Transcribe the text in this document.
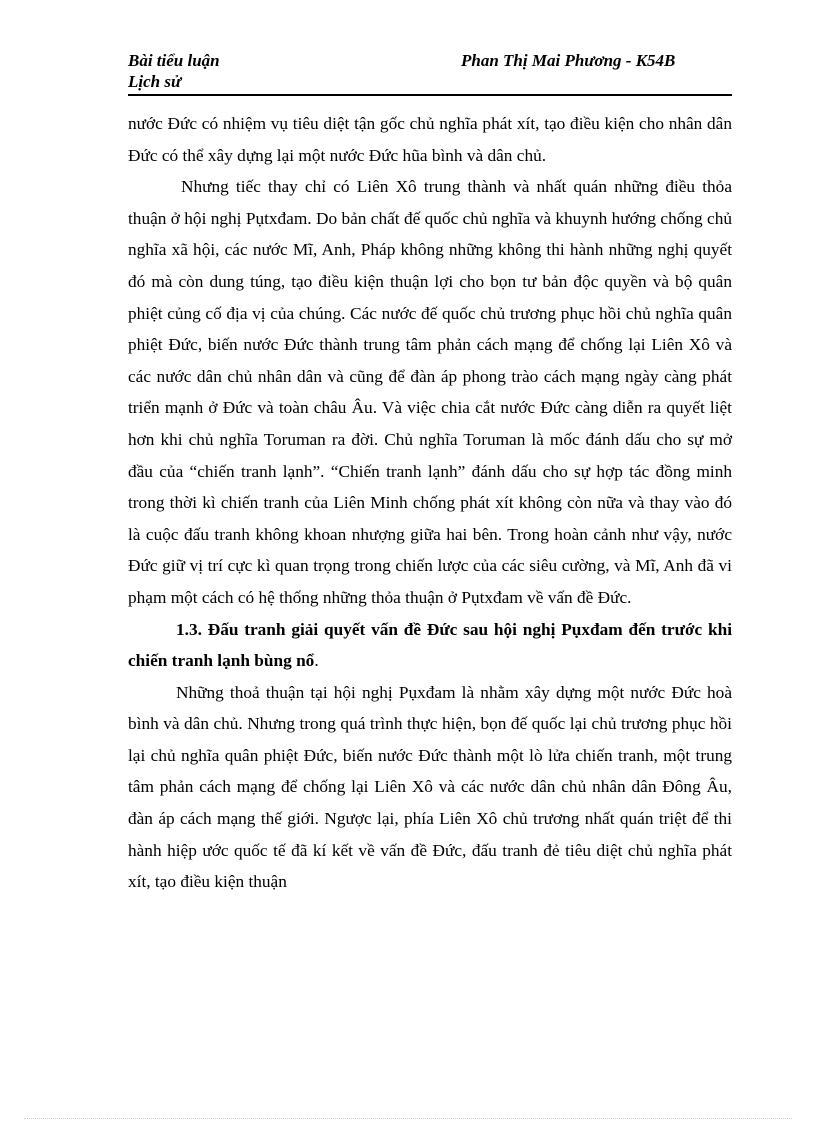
Bài tiểu luận
Lịch sử
Phan Thị Mai Phương - K54B

nước Đức có nhiệm vụ tiêu diệt tận gốc chủ nghĩa phát xít, tạo điều kiện cho nhân dân Đức có thể xây dựng lại một nước Đức hũa bình và dân chủ.

Nhưng tiếc thay chỉ có Liên Xô trung thành và nhất quán những điều thỏa thuận ở hội nghị Pụtxđam. Do bản chất đế quốc chủ nghĩa và khuynh hướng chống chủ nghĩa xã hội, các nước Mĩ, Anh, Pháp không những không thi hành những nghị quyết đó mà còn dung túng, tạo điều kiện thuận lợi cho bọn tư bản độc quyền và bộ quân phiệt củng cố địa vị của chúng. Các nước đế quốc chủ trương phục hồi chủ nghĩa quân phiệt Đức, biến nước Đức thành trung tâm phản cách mạng để chống lại Liên Xô và các nước dân chủ nhân dân và cũng để đàn áp phong trào cách mạng ngày càng phát triển mạnh ở Đức và toàn châu Âu. Và việc chia cắt nước Đức càng diễn ra quyết liệt hơn khi chủ nghĩa Toruman ra đời. Chủ nghĩa Toruman là mốc đánh dấu cho sự mở đầu của “chiến tranh lạnh”. “Chiến tranh lạnh” đánh dấu cho sự hợp tác đồng minh trong thời kì chiến tranh của Liên Minh chống phát xít không còn nữa và thay vào đó là cuộc đấu tranh không khoan nhượng giữa hai bên. Trong hoàn cảnh như vậy, nước Đức giữ vị trí cực kì quan trọng trong chiến lược của các siêu cường, và Mĩ, Anh đã vi phạm một cách có hệ thống những thỏa thuận ở Pụtxđam về vấn đề Đức.

1.3. Đấu tranh giải quyết vấn đề Đức sau hội nghị Pụxđam đến trước khi chiến tranh lạnh bùng nổ.

Những thoả thuận tại hội nghị Pụxđam là nhằm xây dựng một nước Đức hoà bình và dân chủ. Nhưng trong quá trình thực hiện, bọn đế quốc lại chủ trương phục hồi lại chủ nghĩa quân phiệt Đức, biến nước Đức thành một lò lửa chiến tranh, một trung tâm phản cách mạng để chống lại Liên Xô và các nước dân chủ nhân dân Đông Âu, đàn áp cách mạng thế giới. Ngược lại, phía Liên Xô chủ trương nhất quán triệt để thi hành hiệp ước quốc tế đã kí kết về vấn đề Đức, đấu tranh đẻ tiêu diệt chủ nghĩa phát xít, tạo điều kiện thuận
